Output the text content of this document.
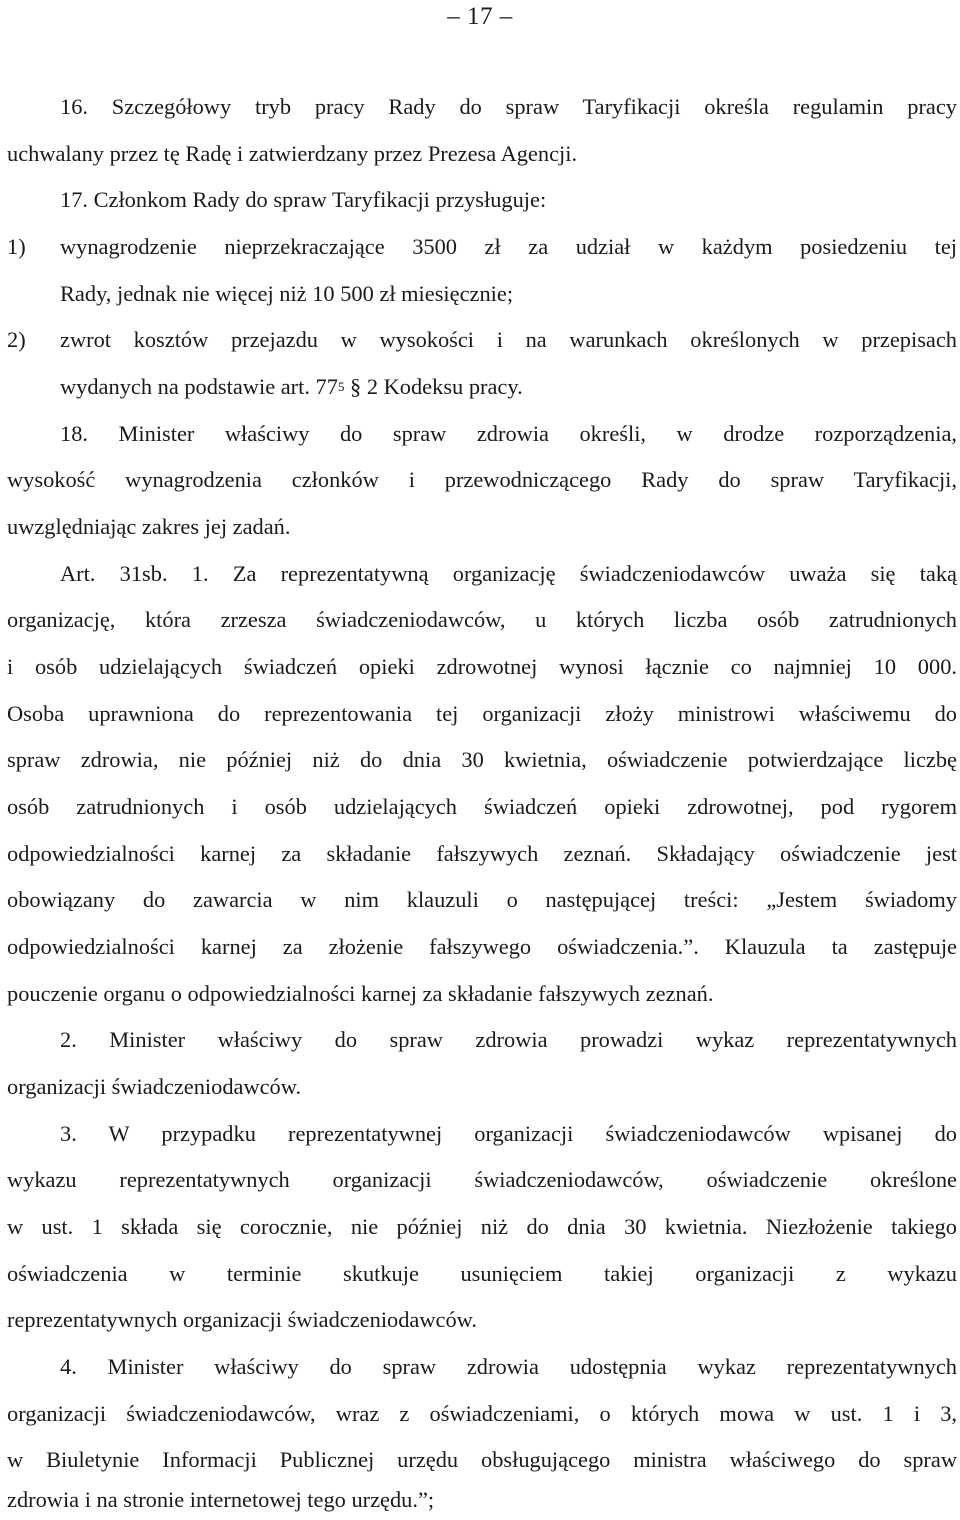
– 17 –
16. Szczegółowy tryb pracy Rady do spraw Taryfikacji określa regulamin pracy
uchwalany przez tę Radę i zatwierdzany przez Prezesa Agencji.
17. Członkom Rady do spraw Taryfikacji przysługuje:
1) wynagrodzenie nieprzekraczające 3500 zł za udział w każdym posiedzeniu tej
Rady, jednak nie więcej niż 10 500 zł miesięcznie;
2) zwrot kosztów przejazdu w wysokości i na warunkach określonych w przepisach
wydanych na podstawie art. $77^5$ § 2 Kodeksu pracy.
18. Minister właściwy do spraw zdrowia określi, w drodze rozporządzenia,
wysokość wynagrodzenia członków i przewodniczącego Rady do spraw Taryfikacji,
uwzględniając zakres jej zadań.
Art. 31sb. 1. Za reprezentatywną organizację świadczeniodawców uważa się taką
organizację, która zrzesza świadczeniodawców, u których liczba osób zatrudnionych
i osób udzielających świadczeń opieki zdrowotnej wynosi łącznie co najmniej 10 000.
Osoba uprawniona do reprezentowania tej organizacji złoży ministrowi właściwemu do
spraw zdrowia, nie później niż do dnia 30 kwietnia, oświadczenie potwierdzające liczbę
osób zatrudnionych i osób udzielających świadczeń opieki zdrowotnej, pod rygorem
odpowiedzialności karnej za składanie fałszywych zeznań. Składający oświadczenie jest
obowiązany do zawarcia w nim klauzuli o następującej treści: „Jestem świadomy
odpowiedzialności karnej za złożenie fałszywego oświadczenia.”. Klauzula ta zastępuje
pouczenie organu o odpowiedzialności karnej za składanie fałszywych zeznań.
2. Minister właściwy do spraw zdrowia prowadzi wykaz reprezentatywnych
organizacji świadczeniodawców.
3. W przypadku reprezentatywnej organizacji świadczeniodawców wpisanej do
wykazu reprezentatywnych organizacji świadczeniodawców, oświadczenie określone
w ust. 1 składa się corocznie, nie później niż do dnia 30 kwietnia. Niezłożenie takiego
oświadczenia w terminie skutkuje usunięciem takiej organizacji z wykazu
reprezentatywnych organizacji świadczeniodawców.
4. Minister właściwy do spraw zdrowia udostępnia wykaz reprezentatywnych
organizacji świadczeniodawców, wraz z oświadczeniami, o których mowa w ust. 1 i 3,
w Biuletynie Informacji Publicznej urzędu obsługującego ministra właściwego do spraw
zdrowia i na stronie internetowej tego urzędu.”;
